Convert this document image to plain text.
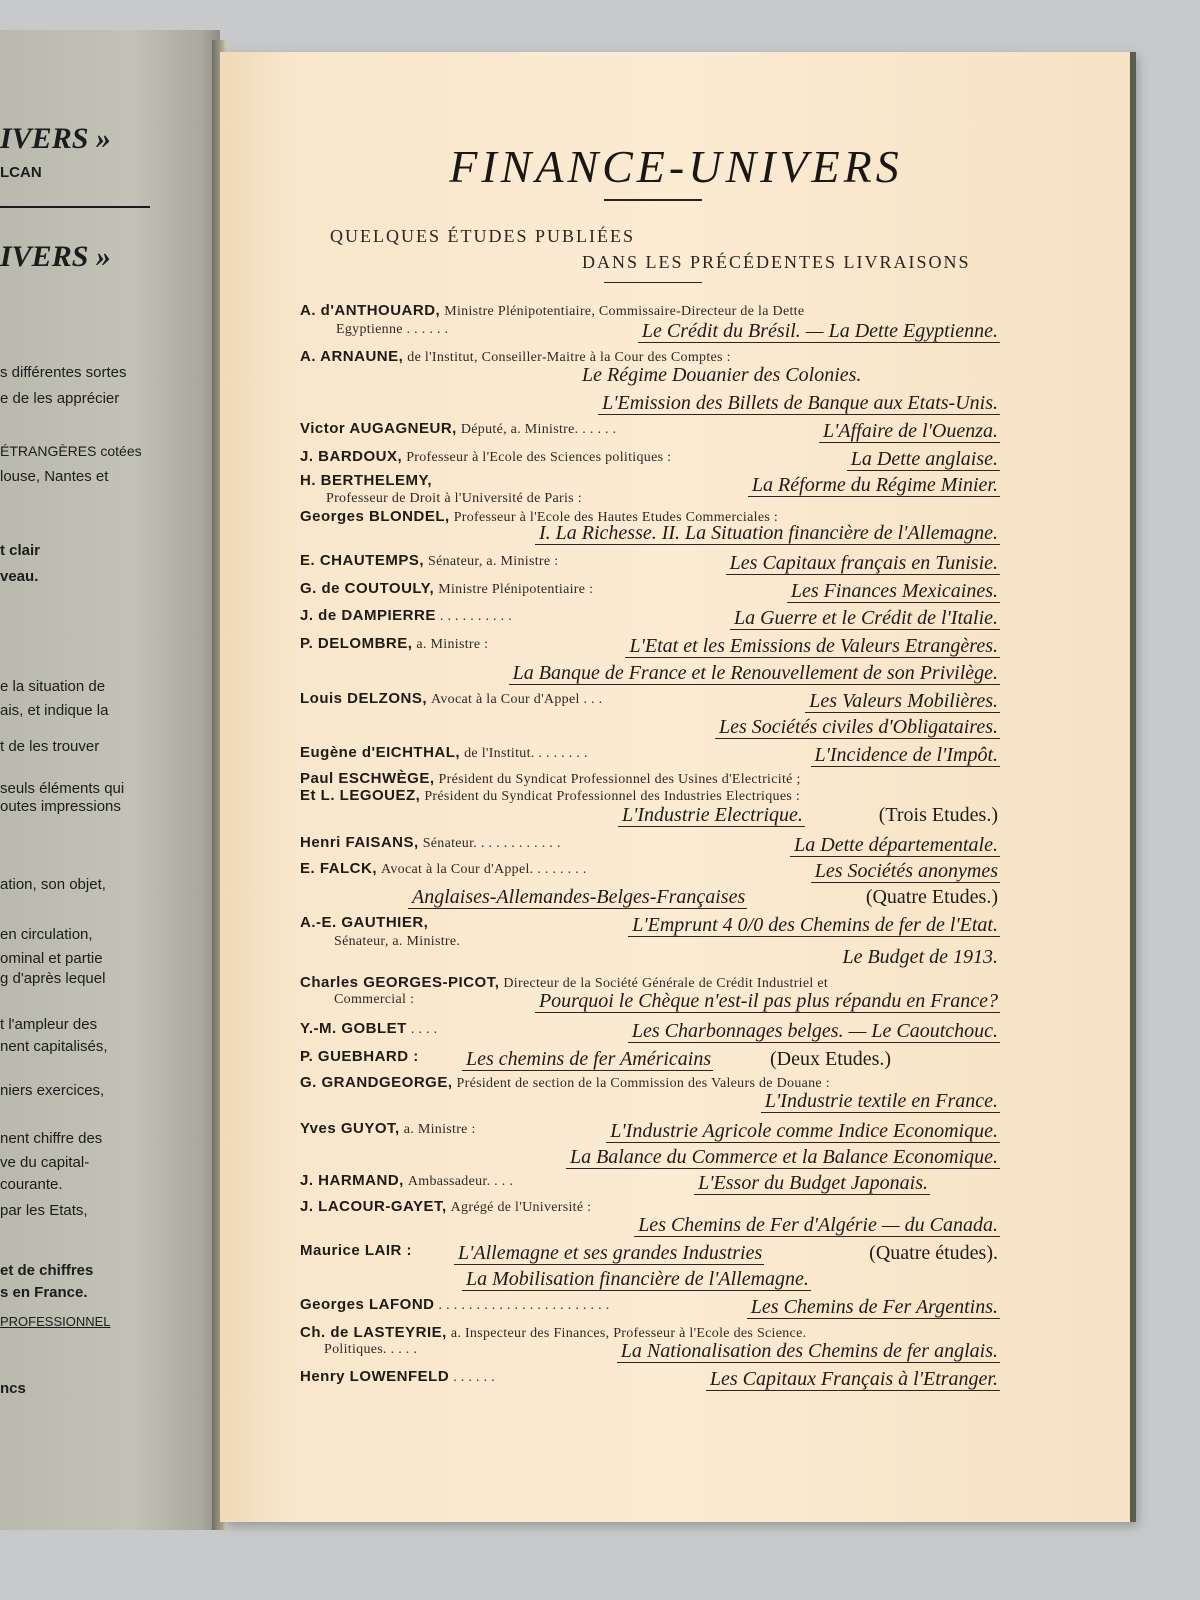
IVERS »
LCAN
IVERS »
s différentes sortes
e de les apprécier
ÉTRANGÈRES cotées
louse, Nantes et
t clair
veau.
e la situation de
ais, et indique la
t de les trouver
seuls éléments qui
outes impressions
ation, son objet,
en circulation,
ominal et partie
g d'après lequel
t l'ampleur des
nent capitalisés,
niers exercices,
nent chiffre des
ve du capital-
courante.
par les Etats,
et de chiffres
s en France.
PROFESSIONNEL
ncs
FINANCE-UNIVERS
QUELQUES ÉTUDES PUBLIÉES
DANS LES PRÉCÉDENTES LIVRAISONS
A. d'ANTHOUARD, Ministre Plénipotentiaire, Commissaire-Directeur de la Dette
Egyptienne . . . . . .	Le Crédit du Brésil. — La Dette Egyptienne.
A. ARNAUNE, de l'Institut, Conseiller-Maitre à la Cour des Comptes :
Le Régime Douanier des Colonies.
L'Emission des Billets de Banque aux Etats-Unis.
Victor AUGAGNEUR, Député, a. Ministre. . . . . .	L'Affaire de l'Ouenza.
J. BARDOUX, Professeur à l'Ecole des Sciences politiques :	La Dette anglaise.
H. BERTHELEMY,	La Réforme du Régime Minier.
Professeur de Droit à l'Université de Paris :
Georges BLONDEL, Professeur à l'Ecole des Hautes Etudes Commerciales :
I. La Richesse. II. La Situation financière de l'Allemagne.
E. CHAUTEMPS, Sénateur, a. Ministre :	Les Capitaux français en Tunisie.
G. de COUTOULY, Ministre Plénipotentiaire :	Les Finances Mexicaines.
J. de DAMPIERRE . . . . . . . . . .	La Guerre et le Crédit de l'Italie.
P. DELOMBRE, a. Ministre :	L'Etat et les Emissions de Valeurs Etrangères.
La Banque de France et le Renouvellement de son Privilège.
Louis DELZONS, Avocat à la Cour d'Appel . . .	Les Valeurs Mobilières.
Les Sociétés civiles d'Obligataires.
Eugène d'EICHTHAL, de l'Institut. . . . . . . .	L'Incidence de l'Impôt.
Paul ESCHWÈGE, Président du Syndicat Professionnel des Usines d'Electricité ;
Et L. LEGOUEZ, Président du Syndicat Professionnel des Industries Electriques :
L'Industrie Electrique.	(Trois Etudes.)
Henri FAISANS, Sénateur. . . . . . . . . . . .	La Dette départementale.
E. FALCK, Avocat à la Cour d'Appel. . . . . . . .	Les Sociétés anonymes
Anglaises-Allemandes-Belges-Françaises	(Quatre Etudes.)
A.-E. GAUTHIER,	L'Emprunt 4 0/0 des Chemins de fer de l'Etat.
Sénateur, a. Ministre.
Le Budget de 1913.
Charles GEORGES-PICOT, Directeur de la Société Générale de Crédit Industriel et
Commercial :	Pourquoi le Chèque n'est-il pas plus répandu en France?
Y.-M. GOBLET . . . .	Les Charbonnages belges. — Le Caoutchouc.
P. GUEBHARD : Les chemins de fer Américains	(Deux Etudes.)
G. GRANDGEORGE, Président de section de la Commission des Valeurs de Douane :
L'Industrie textile en France.
Yves GUYOT, a. Ministre :	L'Industrie Agricole comme Indice Economique.
La Balance du Commerce et la Balance Economique.
J. HARMAND, Ambassadeur. . . .	L'Essor du Budget Japonais.
J. LACOUR-GAYET, Agrégé de l'Université :
Les Chemins de Fer d'Algérie — du Canada.
Maurice LAIR : L'Allemagne et ses grandes Industries	(Quatre études).
La Mobilisation financière de l'Allemagne.
Georges LAFOND . . . . . . . . . . . . . . . . . . . . . . .	Les Chemins de Fer Argentins.
Ch. de LASTEYRIE, a. Inspecteur des Finances, Professeur à l'Ecole des Science.
Politiques. . . . .	La Nationalisation des Chemins de fer anglais.
Henry LOWENFELD . . . . . .	Les Capitaux Français à l'Etranger.
